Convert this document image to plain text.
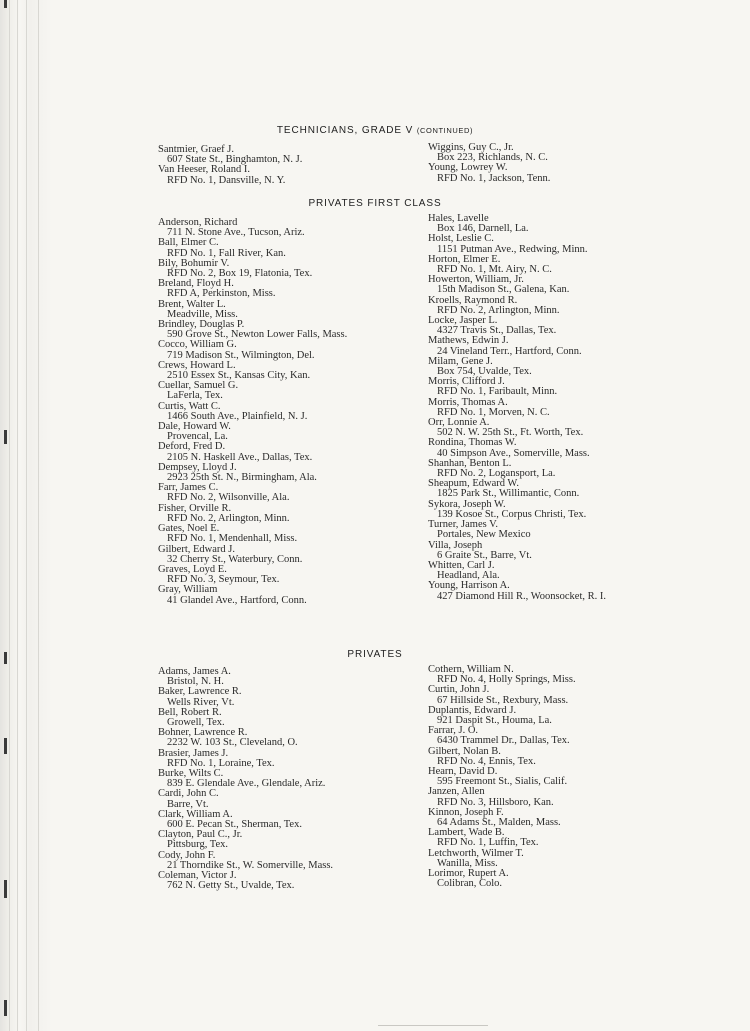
TECHNICIANS, GRADE V (CONTINUED)
Santmier, Graef J.
607 State St., Binghamton, N. J.
Van Heeser, Roland I.
RFD No. 1, Dansville, N. Y.
Wiggins, Guy C., Jr.
Box 223, Richlands, N. C.
Young, Lowrey W.
RFD No. 1, Jackson, Tenn.
PRIVATES FIRST CLASS
Anderson, Richard
711 N. Stone Ave., Tucson, Ariz.
Ball, Elmer C.
RFD No. 1, Fall River, Kan.
Bily, Bohumir V.
RFD No. 2, Box 19, Flatonia, Tex.
Breland, Floyd H.
RFD A, Perkinston, Miss.
Brent, Walter L.
Meadville, Miss.
Brindley, Douglas P.
590 Grove St., Newton Lower Falls, Mass.
Cocco, William G.
719 Madison St., Wilmington, Del.
Crews, Howard L.
2510 Essex St., Kansas City, Kan.
Cuellar, Samuel G.
LaFerla, Tex.
Curtis, Watt C.
1466 South Ave., Plainfield, N. J.
Dale, Howard W.
Provencal, La.
Deford, Fred D.
2105 N. Haskell Ave., Dallas, Tex.
Dempsey, Lloyd J.
2923 25th St. N., Birmingham, Ala.
Farr, James C.
RFD No. 2, Wilsonville, Ala.
Fisher, Orville R.
RFD No. 2, Arlington, Minn.
Gates, Noel E.
RFD No. 1, Mendenhall, Miss.
Gilbert, Edward J.
32 Cherry St., Waterbury, Conn.
Graves, Loyd E.
RFD No. 3, Seymour, Tex.
Gray, William
41 Glandel Ave., Hartford, Conn.
Hales, Lavelle
Box 146, Darnell, La.
Holst, Leslie C.
1151 Putman Ave., Redwing, Minn.
Horton, Elmer E.
RFD No. 1, Mt. Airy, N. C.
Howerton, William, Jr.
15th Madison St., Galena, Kan.
Kroells, Raymond R.
RFD No. 2, Arlington, Minn.
Locke, Jasper L.
4327 Travis St., Dallas, Tex.
Mathews, Edwin J.
24 Vineland Terr., Hartford, Conn.
Milam, Gene J.
Box 754, Uvalde, Tex.
Morris, Clifford J.
RFD No. 1, Faribault, Minn.
Morris, Thomas A.
RFD No. 1, Morven, N. C.
Orr, Lonnie A.
502 N. W. 25th St., Ft. Worth, Tex.
Rondina, Thomas W.
40 Simpson Ave., Somerville, Mass.
Shanhan, Benton L.
RFD No. 2, Logansport, La.
Sheapum, Edward W.
1825 Park St., Willimantic, Conn.
Sykora, Joseph W.
139 Kosoe St., Corpus Christi, Tex.
Turner, James V.
Portales, New Mexico
Villa, Joseph
6 Graite St., Barre, Vt.
Whitten, Carl J.
Headland, Ala.
Young, Harrison A.
427 Diamond Hill R., Woonsocket, R. I.
PRIVATES
Adams, James A.
Bristol, N. H.
Baker, Lawrence R.
Wells River, Vt.
Bell, Robert R.
Growell, Tex.
Bohner, Lawrence R.
2232 W. 103 St., Cleveland, O.
Brasier, James J.
RFD No. 1, Loraine, Tex.
Burke, Wilts C.
839 E. Glendale Ave., Glendale, Ariz.
Cardi, John C.
Barre, Vt.
Clark, William A.
600 E. Pecan St., Sherman, Tex.
Clayton, Paul C., Jr.
Pittsburg, Tex.
Cody, John F.
21 Thorndike St., W. Somerville, Mass.
Coleman, Victor J.
762 N. Getty St., Uvalde, Tex.
Cothern, William N.
RFD No. 4, Holly Springs, Miss.
Curtin, John J.
67 Hillside St., Rexbury, Mass.
Duplantis, Edward J.
921 Daspit St., Houma, La.
Farrar, J. O.
6430 Trammel Dr., Dallas, Tex.
Gilbert, Nolan B.
RFD No. 4, Ennis, Tex.
Hearn, David D.
595 Freemont St., Sialis, Calif.
Janzen, Allen
RFD No. 3, Hillsboro, Kan.
Kinnon, Joseph F.
64 Adams St., Malden, Mass.
Lambert, Wade B.
RFD No. 1, Luffin, Tex.
Letchworth, Wilmer T.
Wanilla, Miss.
Lorimor, Rupert A.
Colibran, Colo.
